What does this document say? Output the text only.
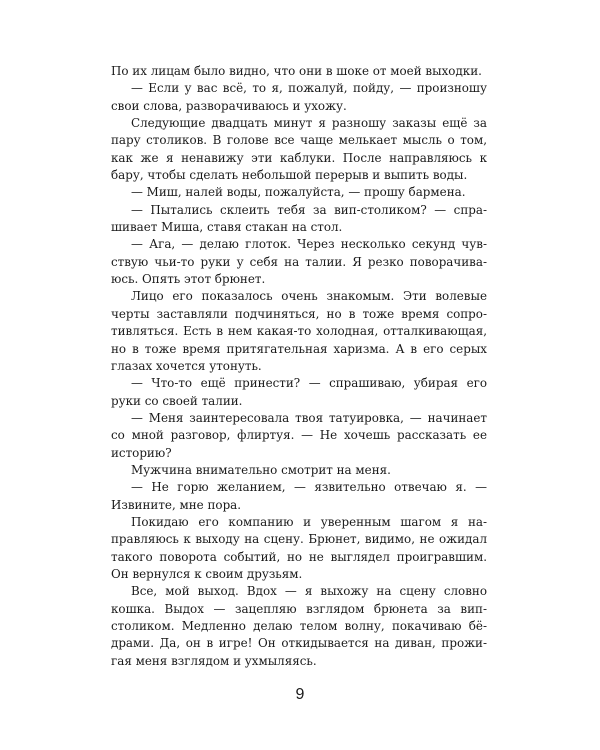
По их лицам было видно, что они в шоке от моей выходки.

— Если у вас всё, то я, пожалуй, пойду, — произношу свои слова, разворачиваюсь и ухожу.

Следующие двадцать минут я разношу заказы ещё за пару столиков. В голове все чаще мелькает мысль о том, как же я ненавижу эти каблуки. После направляюсь к бару, чтобы сделать небольшой перерыв и выпить воды.

— Миш, налей воды, пожалуйста, — прошу бармена.

— Пытались склеить тебя за вип-столиком? — спрашивает Миша, ставя стакан на стол.

— Ага, — делаю глоток. Через несколько секунд чувствую чьи-то руки у себя на талии. Я резко поворачиваюсь. Опять этот брюнет.

Лицо его показалось очень знакомым. Эти волевые черты заставляли подчиняться, но в тоже время сопротивляться. Есть в нем какая-то холодная, отталкивающая, но в тоже время притягательная харизма. А в его серых глазах хочется утонуть.

— Что-то ещё принести? — спрашиваю, убирая его руки со своей талии.

— Меня заинтересовала твоя татуировка, — начинает со мной разговор, флиртуя. — Не хочешь рассказать ее историю?

Мужчина внимательно смотрит на меня.

— Не горю желанием, — язвительно отвечаю я. — Извините, мне пора.

Покидаю его компанию и уверенным шагом я направляюсь к выходу на сцену. Брюнет, видимо, не ожидал такого поворота событий, но не выглядел проигравшим. Он вернулся к своим друзьям.

Все, мой выход. Вдох — я выхожу на сцену словно кошка. Выдох — зацепляю взглядом брюнета за випстоликом. Медленно делаю телом волну, покачиваю бёдрами. Да, он в игре! Он откидывается на диван, прожигая меня взглядом и ухмыляясь.

9
